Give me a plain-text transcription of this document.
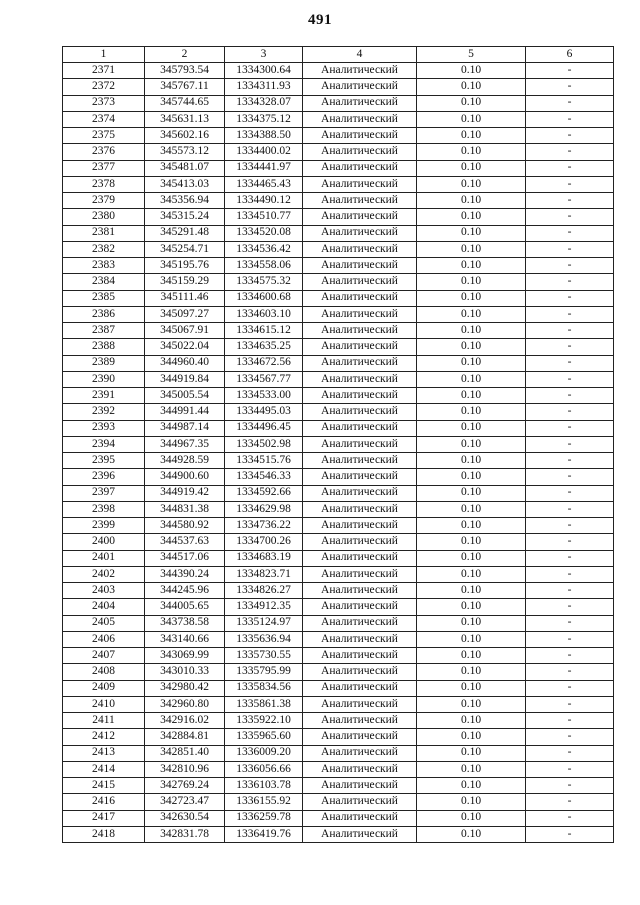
491
1	2	3	4	5	6
2371	345793.54	1334300.64	Аналитический	0.10	-
2372	345767.11	1334311.93	Аналитический	0.10	-
2373	345744.65	1334328.07	Аналитический	0.10	-
2374	345631.13	1334375.12	Аналитический	0.10	-
2375	345602.16	1334388.50	Аналитический	0.10	-
2376	345573.12	1334400.02	Аналитический	0.10	-
2377	345481.07	1334441.97	Аналитический	0.10	-
2378	345413.03	1334465.43	Аналитический	0.10	-
2379	345356.94	1334490.12	Аналитический	0.10	-
2380	345315.24	1334510.77	Аналитический	0.10	-
2381	345291.48	1334520.08	Аналитический	0.10	-
2382	345254.71	1334536.42	Аналитический	0.10	-
2383	345195.76	1334558.06	Аналитический	0.10	-
2384	345159.29	1334575.32	Аналитический	0.10	-
2385	345111.46	1334600.68	Аналитический	0.10	-
2386	345097.27	1334603.10	Аналитический	0.10	-
2387	345067.91	1334615.12	Аналитический	0.10	-
2388	345022.04	1334635.25	Аналитический	0.10	-
2389	344960.40	1334672.56	Аналитический	0.10	-
2390	344919.84	1334567.77	Аналитический	0.10	-
2391	345005.54	1334533.00	Аналитический	0.10	-
2392	344991.44	1334495.03	Аналитический	0.10	-
2393	344987.14	1334496.45	Аналитический	0.10	-
2394	344967.35	1334502.98	Аналитический	0.10	-
2395	344928.59	1334515.76	Аналитический	0.10	-
2396	344900.60	1334546.33	Аналитический	0.10	-
2397	344919.42	1334592.66	Аналитический	0.10	-
2398	344831.38	1334629.98	Аналитический	0.10	-
2399	344580.92	1334736.22	Аналитический	0.10	-
2400	344537.63	1334700.26	Аналитический	0.10	-
2401	344517.06	1334683.19	Аналитический	0.10	-
2402	344390.24	1334823.71	Аналитический	0.10	-
2403	344245.96	1334826.27	Аналитический	0.10	-
2404	344005.65	1334912.35	Аналитический	0.10	-
2405	343738.58	1335124.97	Аналитический	0.10	-
2406	343140.66	1335636.94	Аналитический	0.10	-
2407	343069.99	1335730.55	Аналитический	0.10	-
2408	343010.33	1335795.99	Аналитический	0.10	-
2409	342980.42	1335834.56	Аналитический	0.10	-
2410	342960.80	1335861.38	Аналитический	0.10	-
2411	342916.02	1335922.10	Аналитический	0.10	-
2412	342884.81	1335965.60	Аналитический	0.10	-
2413	342851.40	1336009.20	Аналитический	0.10	-
2414	342810.96	1336056.66	Аналитический	0.10	-
2415	342769.24	1336103.78	Аналитический	0.10	-
2416	342723.47	1336155.92	Аналитический	0.10	-
2417	342630.54	1336259.78	Аналитический	0.10	-
2418	342831.78	1336419.76	Аналитический	0.10	-
